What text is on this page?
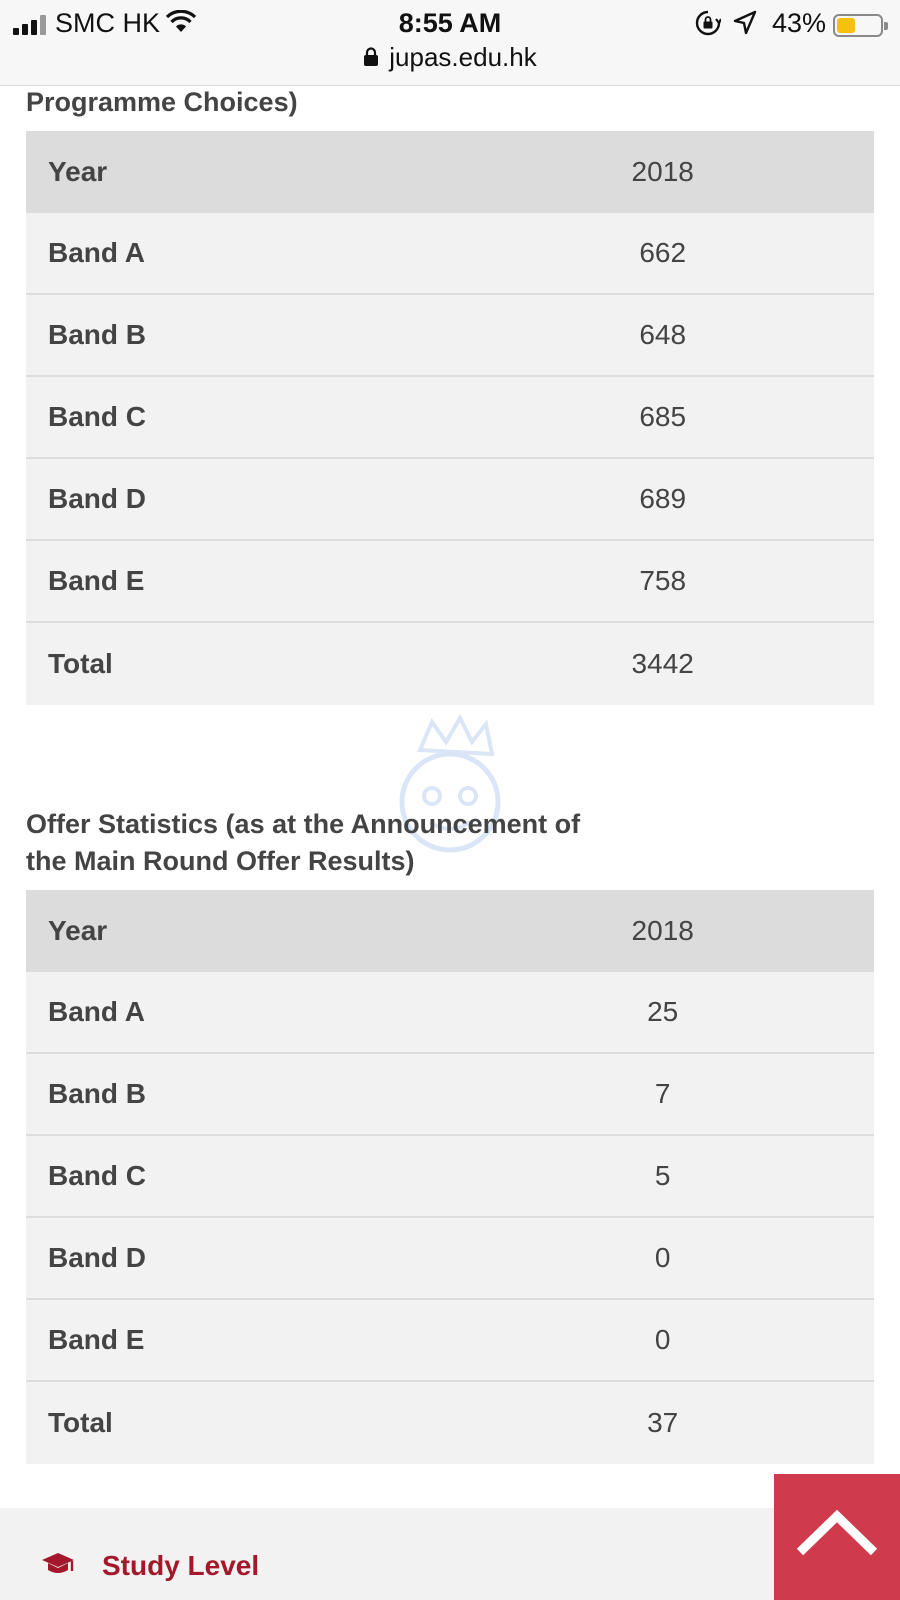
SMC HK	8:55 AM	43%
jupas.edu.hk
Programme Choices)
Year	2018
Band A	662
Band B	648
Band C	685
Band D	689
Band E	758
Total	3442
Offer Statistics (as at the Announcement of
the Main Round Offer Results)
Year	2018
Band A	25
Band B	7
Band C	5
Band D	0
Band E	0
Total	37
Study Level
